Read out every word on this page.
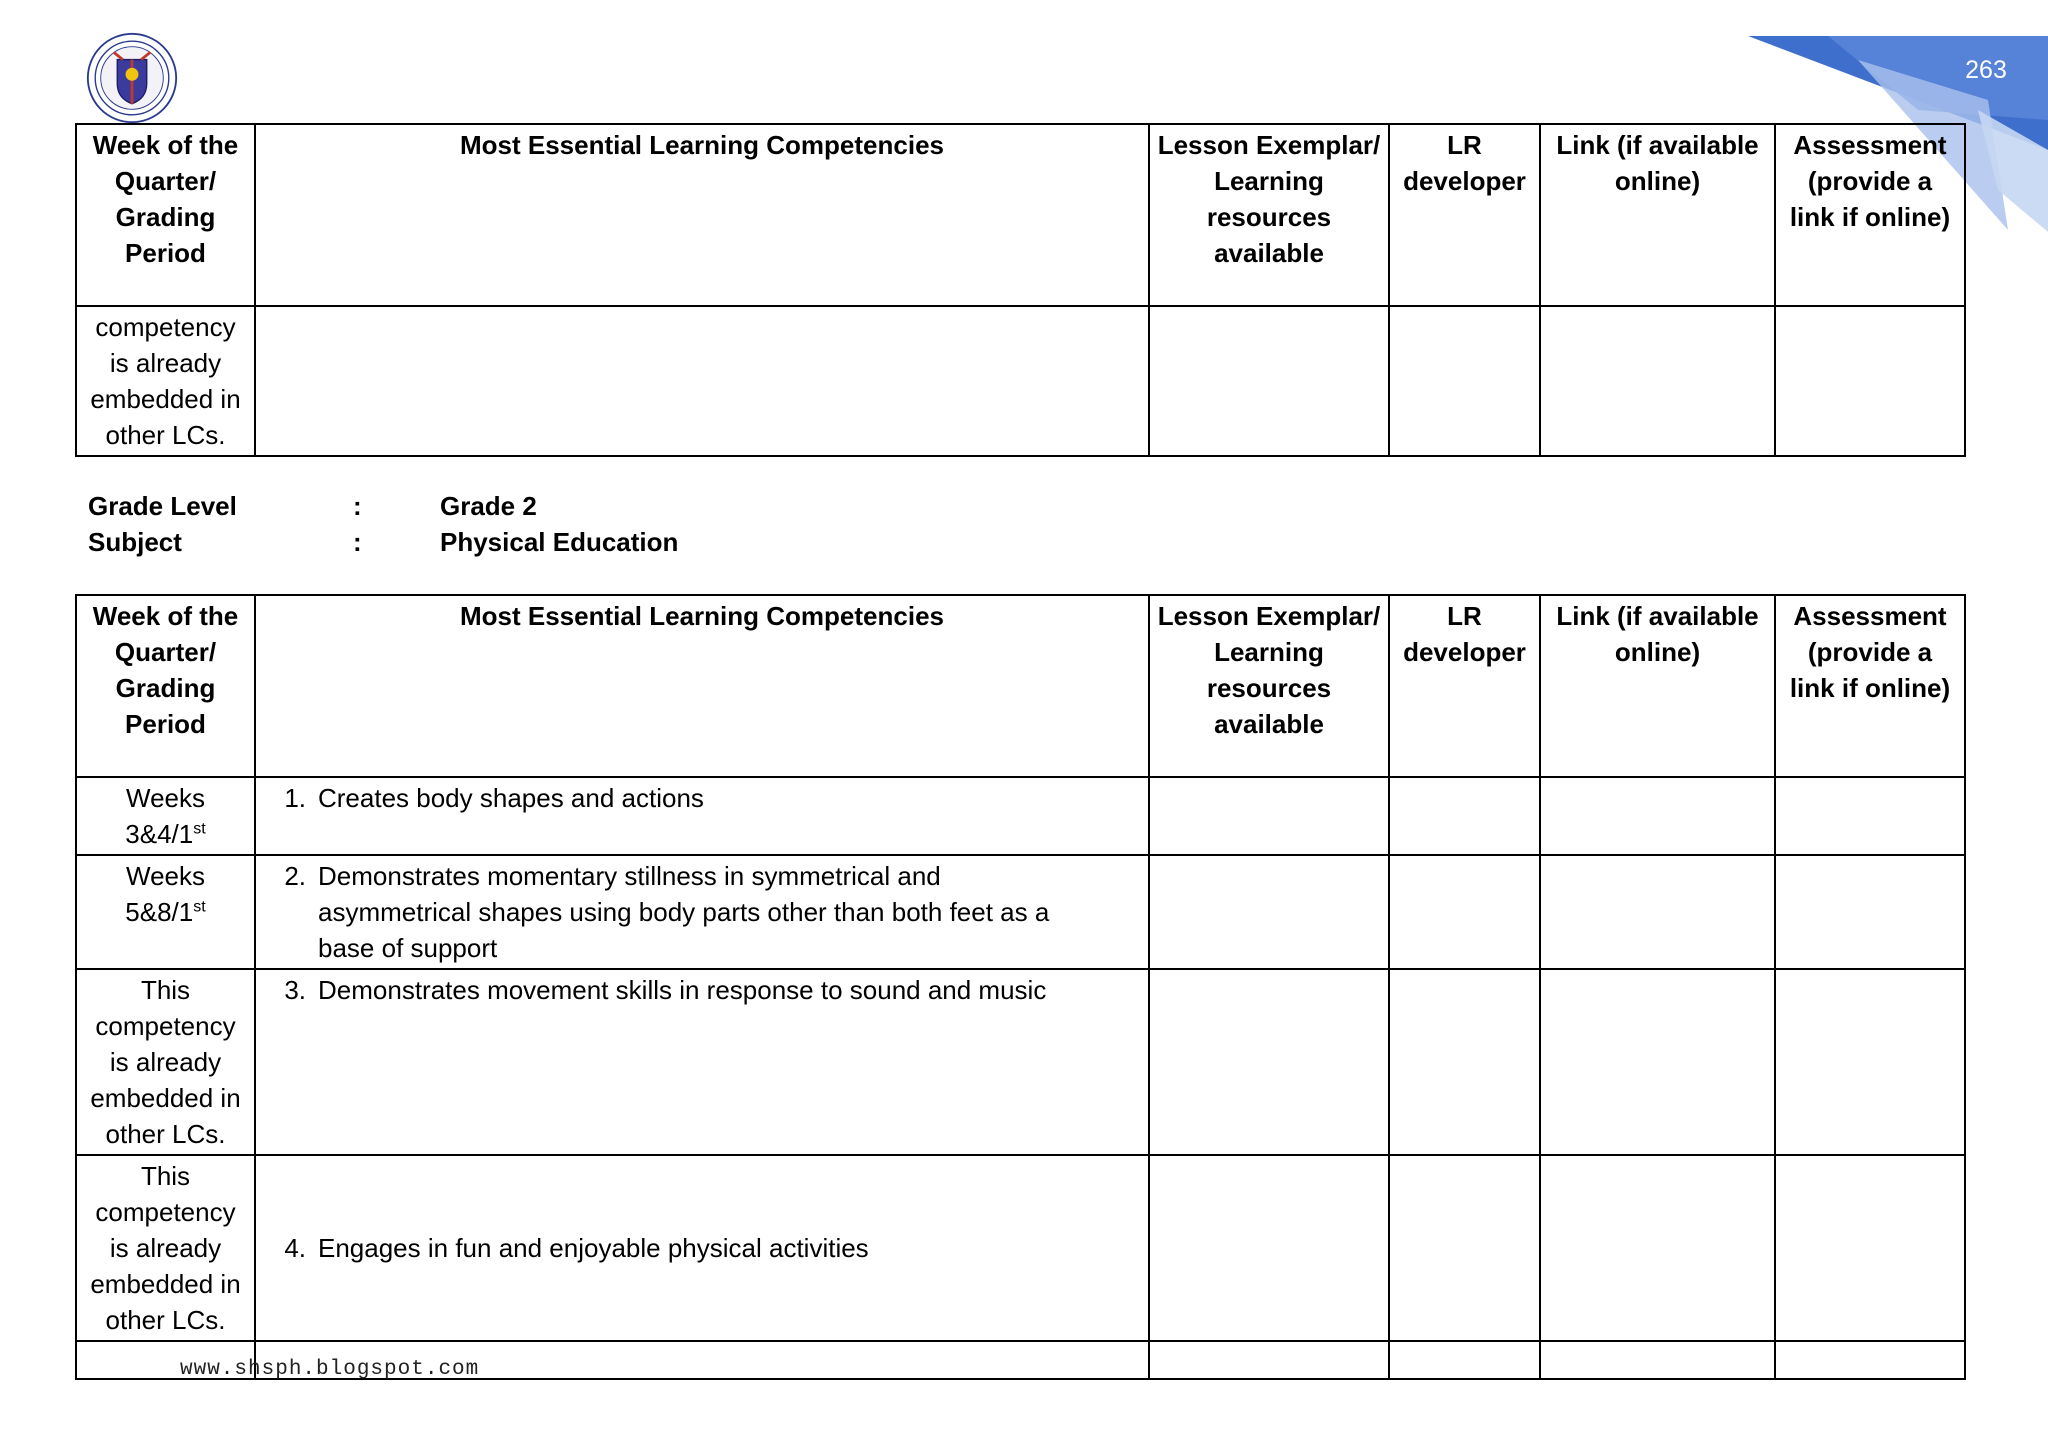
263
Week of the Quarter/ Grading Period	Most Essential Learning Competencies	Lesson Exemplar/ Learning resources available	LR developer	Link (if available online)	Assessment (provide a link if online)
competency is already embedded in other LCs.					
Grade Level	:	Grade 2
Subject	:	Physical Education
Week of the Quarter/ Grading Period	Most Essential Learning Competencies	Lesson Exemplar/ Learning resources available	LR developer	Link (if available online)	Assessment (provide a link if online)
Weeks 3&4/1st	1. Creates body shapes and actions				
Weeks 5&8/1st	2. Demonstrates momentary stillness in symmetrical and asymmetrical shapes using body parts other than both feet as a base of support				
This competency is already embedded in other LCs.	3. Demonstrates movement skills in response to sound and music				
This competency is already embedded in other LCs.	4. Engages in fun and enjoyable physical activities				

www.shsph.blogspot.com
